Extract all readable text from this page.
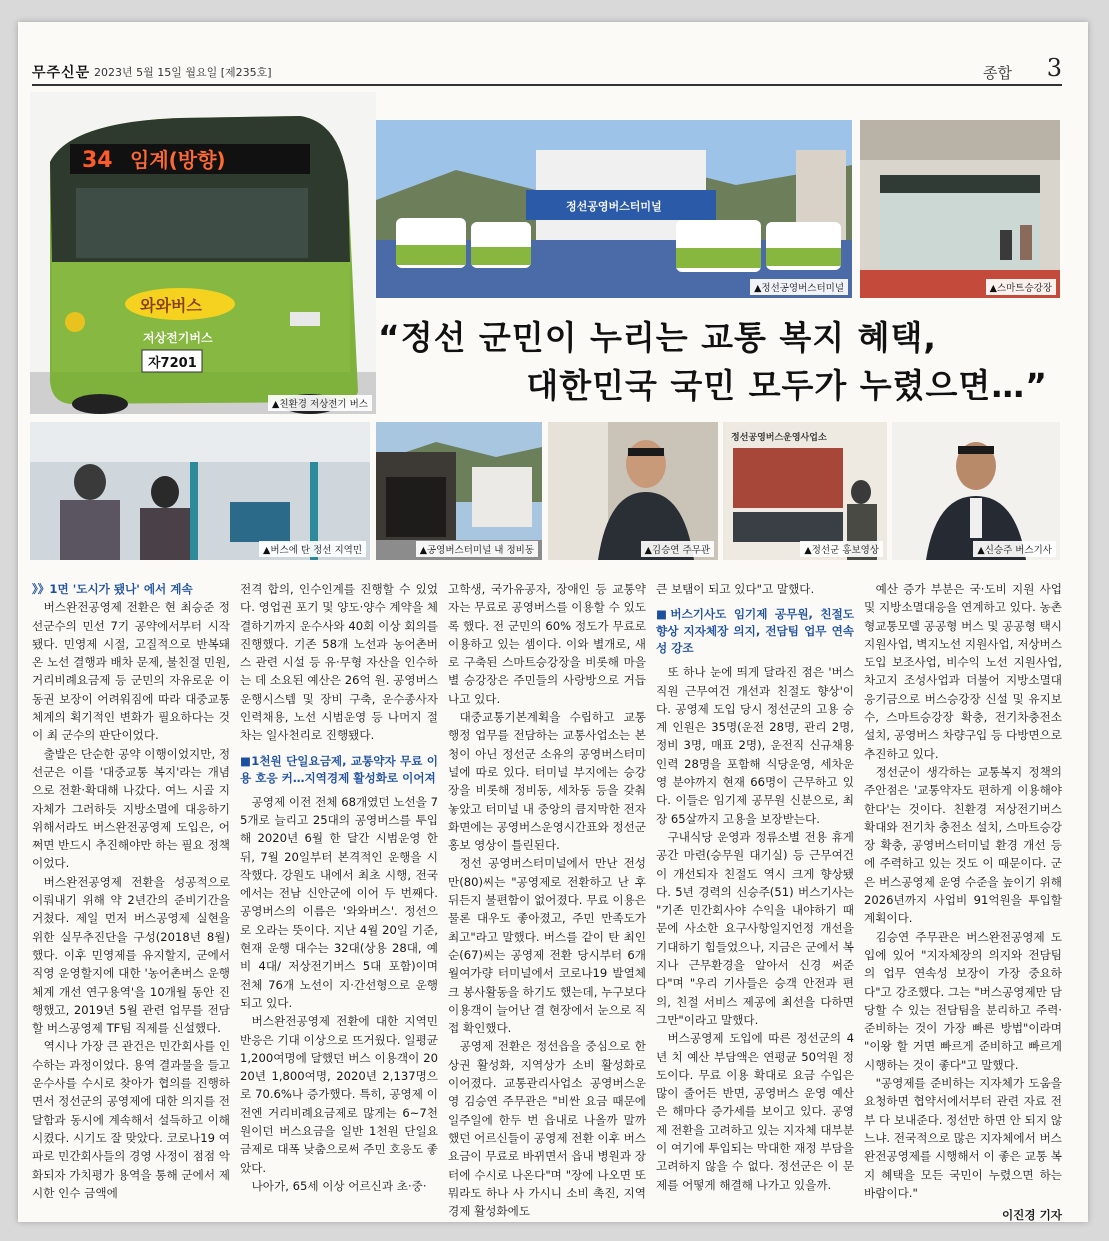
무주신문 2023년 5월 15일 월요일 [제235호]	종합 3
34 임계(방향)
와와버스
저상전기버스
자7201
▲친환경 저상전기 버스
정선공영버스터미널
▲정선공영버스터미널	▲스마트승강장
“정선 군민이 누리는 교통 복지 혜택,
대한민국 국민 모두가 누렸으면…”
▲버스에 탄 정선 지역민	▲공영버스터미널 내 정비동	▲김승연 주무관
정선공영버스운영사업소
▲정선군 홍보영상	▲신승주 버스기사

》》1면 '도시가 됐나' 에서 계속

버스완전공영제 전환은 현 최승준 정선군수의 민선 7기 공약에서부터 시작됐다. 민영제 시절, 고질적으로 반복돼 온 노선 결행과 배차 문제, 불친절 민원, 거리비례요금제 등 군민의 자유로운 이동권 보장이 어려워짐에 따라 대중교통 체계의 획기적인 변화가 필요하다는 것이 최 군수의 판단이었다.

출발은 단순한 공약 이행이었지만, 정선군은 이를 '대중교통 복지'라는 개념으로 전환·확대해 나갔다. 여느 시골 지자체가 그러하듯 지방소멸에 대응하기 위해서라도 버스완전공영제 도입은, 어쩌면 반드시 추진해야만 하는 필요 정책이었다.

버스완전공영제 전환을 성공적으로 이뤄내기 위해 약 2년간의 준비기간을 거쳤다. 제일 먼저 버스공영제 실현을 위한 실무추진단을 구성(2018년 8월)했다. 이후 민영제를 유지할지, 군에서 직영 운영할지에 대한 '농어촌버스 운행체계 개선 연구용역'을 10개월 동안 진행했고, 2019년 5월 관련 업무를 전담할 버스공영제 TF팀 직제를 신설했다.

역시나 가장 큰 관건은 민간회사를 인수하는 과정이었다. 용역 결과물을 들고 운수사를 수시로 찾아가 협의를 진행하면서 정선군의 공영제에 대한 의지를 전달함과 동시에 계속해서 설득하고 이해시켰다. 시기도 잘 맞았다. 코로나19 여파로 민간회사들의 경영 사정이 점점 악화되자 가치평가 용역을 통해 군에서 제시한 인수 금액에

전격 합의, 인수인계를 진행할 수 있었다. 영업권 포기 및 양도·양수 계약을 체결하기까지 운수사와 40회 이상 회의를 진행했다. 기존 58개 노선과 농어촌버스 관련 시설 등 유·무형 자산을 인수하는 데 소요된 예산은 26억 원. 공영버스 운행시스템 및 장비 구축, 운수종사자 인력채용, 노선 시범운영 등 나머지 절차는 일사천리로 진행됐다.

■1천원 단일요금제, 교통약자 무료 이용 호응 커…지역경제 활성화로 이어져

공영제 이전 전체 68개였던 노선을 75개로 늘리고 25대의 공영버스를 투입해 2020년 6월 한 달간 시범운영 한 뒤, 7월 20일부터 본격적인 운행을 시작했다. 강원도 내에서 최초 시행, 전국에서는 전남 신안군에 이어 두 번째다. 공영버스의 이름은 '와와버스'. 정선으로 오라는 뜻이다. 지난 4월 20일 기준, 현재 운행 대수는 32대(상용 28대, 예비 4대/ 저상전기버스 5대 포함)이며 전체 76개 노선이 지·간선형으로 운행되고 있다.

버스완전공영제 전환에 대한 지역민 반응은 기대 이상으로 뜨거웠다. 일평균 1,200여명에 달했던 버스 이용객이 2020년 1,800여명, 2020년 2,137명으로 70.6%나 증가했다. 특히, 공영제 이전엔 거리비례요금제로 많게는 6~7천원이던 버스요금을 일반 1천원 단일요금제로 대폭 낮춤으로써 주민 호응도 좋았다.

나아가, 65세 이상 어르신과 초·중·

고학생, 국가유공자, 장애인 등 교통약자는 무료로 공영버스를 이용할 수 있도록 했다. 전 군민의 60% 정도가 무료로 이용하고 있는 셈이다. 이와 별개로, 새로 구축된 스마트승강장을 비롯해 마을별 승강장은 주민들의 사랑방으로 거듭나고 있다.

대중교통기본계획을 수립하고 교통행정 업무를 전담하는 교통사업소는 본청이 아닌 정선군 소유의 공영버스터미널에 따로 있다. 터미널 부지에는 승강장을 비롯해 정비동, 세차동 등을 갖춰놓았고 터미널 내 중앙의 큼지막한 전자 화면에는 공영버스운영시간표와 정선군 홍보 영상이 틀린된다.

정선 공영버스터미널에서 만난 전성만(80)씨는 "공영제로 전환하고 난 후 뒤든지 불편함이 없어졌다. 무료 이용은 물론 대우도 좋아졌고, 주민 만족도가 최고"라고 말했다. 버스를 같이 탄 최인순(67)씨는 공영제 전환 당시부터 6개월여가량 터미널에서 코로나19 발열체크 봉사활동을 하기도 했는데, 누구보다 이용객이 늘어난 결 현장에서 눈으로 직접 확인했다.

공영제 전환은 정선읍을 중심으로 한 상권 활성화, 지역상가 소비 활성화로 이어졌다. 교통관리사업소 공영버스운영 김승연 주무관은 "비싼 요금 때문에 일주일에 한두 번 읍내로 나올까 말까 했던 어르신들이 공영제 전환 이후 버스요금이 무료로 바뀌면서 읍내 병원과 장터에 수시로 나온다"며 "장에 나오면 또 뭐라도 하나 사 가시니 소비 촉진, 지역경제 활성화에도

큰 보탬이 되고 있다"고 말했다.

■버스기사도 임기제 공무원, 친절도 향상 지자체장 의지, 전담팀 업무 연속성 강조

또 하나 눈에 띄게 달라진 점은 '버스 직원 근무여건 개선과 친절도 향상'이다. 공영제 도입 당시 정선군의 고용 승계 인원은 35명(운전 28명, 관리 2명, 정비 3명, 매표 2명), 운전직 신규채용 인력 28명을 포함해 식당운영, 세차운영 분야까지 현재 66명이 근무하고 있다. 이들은 임기제 공무원 신분으로, 최장 65살까지 고용을 보장받는다.

구내식당 운영과 정류소별 전용 휴게 공간 마련(승무원 대기실) 등 근무여건이 개선되자 친절도 역시 크게 향상됐다. 5년 경력의 신승주(51) 버스기사는 "기존 민간회사야 수익을 내야하기 때문에 사소한 요구사항일지언정 개선을 기대하기 힘들었으나, 지금은 군에서 복지나 근무환경을 알아서 신경 써준다"며 "우리 기사들은 승객 안전과 편의, 친절 서비스 제공에 최선을 다하면 그만"이라고 말했다.

버스공영제 도입에 따른 정선군의 4년 치 예산 부담액은 연평균 50억원 정도이다. 무료 이용 확대로 요금 수입은 많이 줄어든 반면, 공영버스 운영 예산은 해마다 증가세를 보이고 있다. 공영제 전환을 고려하고 있는 지자체 대부분이 여기에 투입되는 막대한 재정 부담을 고려하지 않을 수 없다. 정선군은 이 문제를 어떻게 해결해 나가고 있을까.

예산 증가 부분은 국·도비 지원 사업 및 지방소멸대응을 연계하고 있다. 농촌형교통모델 공공형 버스 및 공공형 택시 지원사업, 벽지노선 지원사업, 저상버스 도입 보조사업, 비수익 노선 지원사업, 차고지 조성사업과 더불어 지방소멸대응기금으로 버스승강장 신설 및 유지보수, 스마트승강장 확충, 전기차충전소 설치, 공영버스 차량구입 등 다방면으로 추진하고 있다.

정선군이 생각하는 교통복지 정책의 주안점은 '교통약자도 편하게 이용해야 한다'는 것이다. 친환경 저상전기버스 확대와 전기차 충전소 설치, 스마트승강장 확충, 공영버스터미널 환경 개선 등에 주력하고 있는 것도 이 때문이다. 군은 버스공영제 운영 수준을 높이기 위해 2026년까지 사업비 91억원을 투입할 계획이다.

김승연 주무관은 버스완전공영제 도입에 있어 "지자체장의 의지와 전담팀의 업무 연속성 보장이 가장 중요하다"고 강조했다. 그는 "버스공영제만 담당할 수 있는 전담팀을 분리하고 주력·준비하는 것이 가장 빠른 방법"이라며 "이왕 할 거면 빠르게 준비하고 빠르게 시행하는 것이 좋다"고 말했다.

"공영제를 준비하는 지자체가 도움을 요청하면 협약서에서부터 관련 자료 전부 다 보내준다. 정선만 하면 안 되지 않느냐. 전국적으로 많은 지자체에서 버스완전공영제를 시행해서 이 좋은 교통 복지 혜택을 모든 국민이 누렸으면 하는 바람이다."

이진경 기자
